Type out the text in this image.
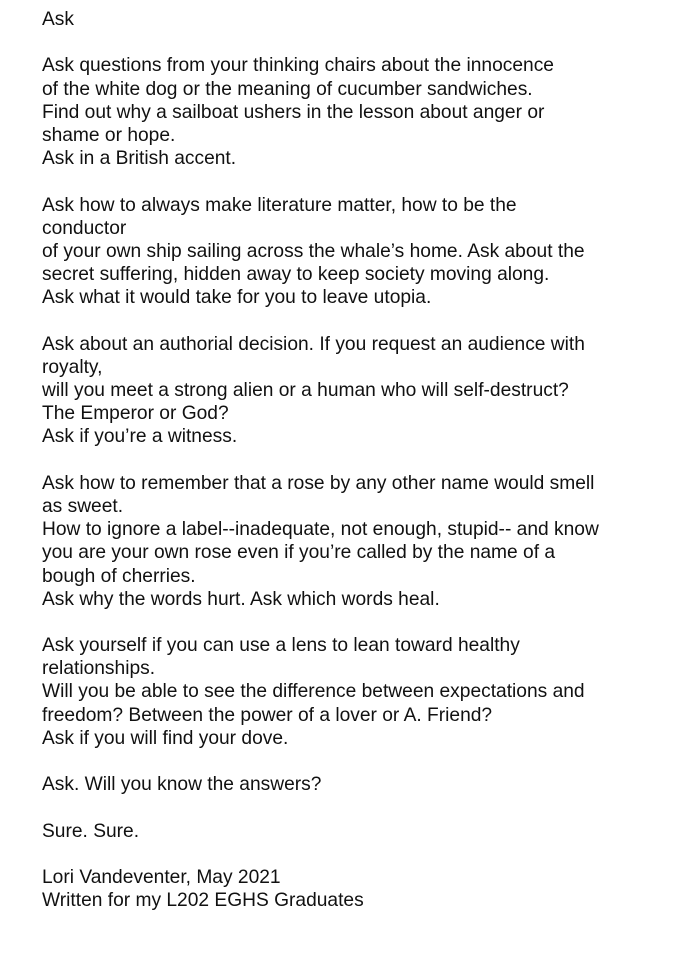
Ask
Ask questions from your thinking chairs about the innocence
of the white dog or the meaning of cucumber sandwiches.
Find out why a sailboat ushers in the lesson about anger or
shame or hope.
Ask in a British accent.
Ask how to always make literature matter, how to be the
conductor
of your own ship sailing across the whale’s home. Ask about the
secret suffering, hidden away to keep society moving along.
Ask what it would take for you to leave utopia.
Ask about an authorial decision. If you request an audience with
royalty,
will you meet a strong alien or a human who will self-destruct?
The Emperor or God?
Ask if you’re a witness.
Ask how to remember that a rose by any other name would smell
as sweet.
How to ignore a label--inadequate, not enough, stupid-- and know
you are your own rose even if you’re called by the name of a
bough of cherries.
Ask why the words hurt. Ask which words heal.
Ask yourself if you can use a lens to lean toward healthy
relationships.
Will you be able to see the difference between expectations and
freedom? Between the power of a lover or A. Friend?
Ask if you will find your dove.
Ask. Will you know the answers?
Sure. Sure.
Lori Vandeventer, May 2021
Written for my L202 EGHS Graduates
